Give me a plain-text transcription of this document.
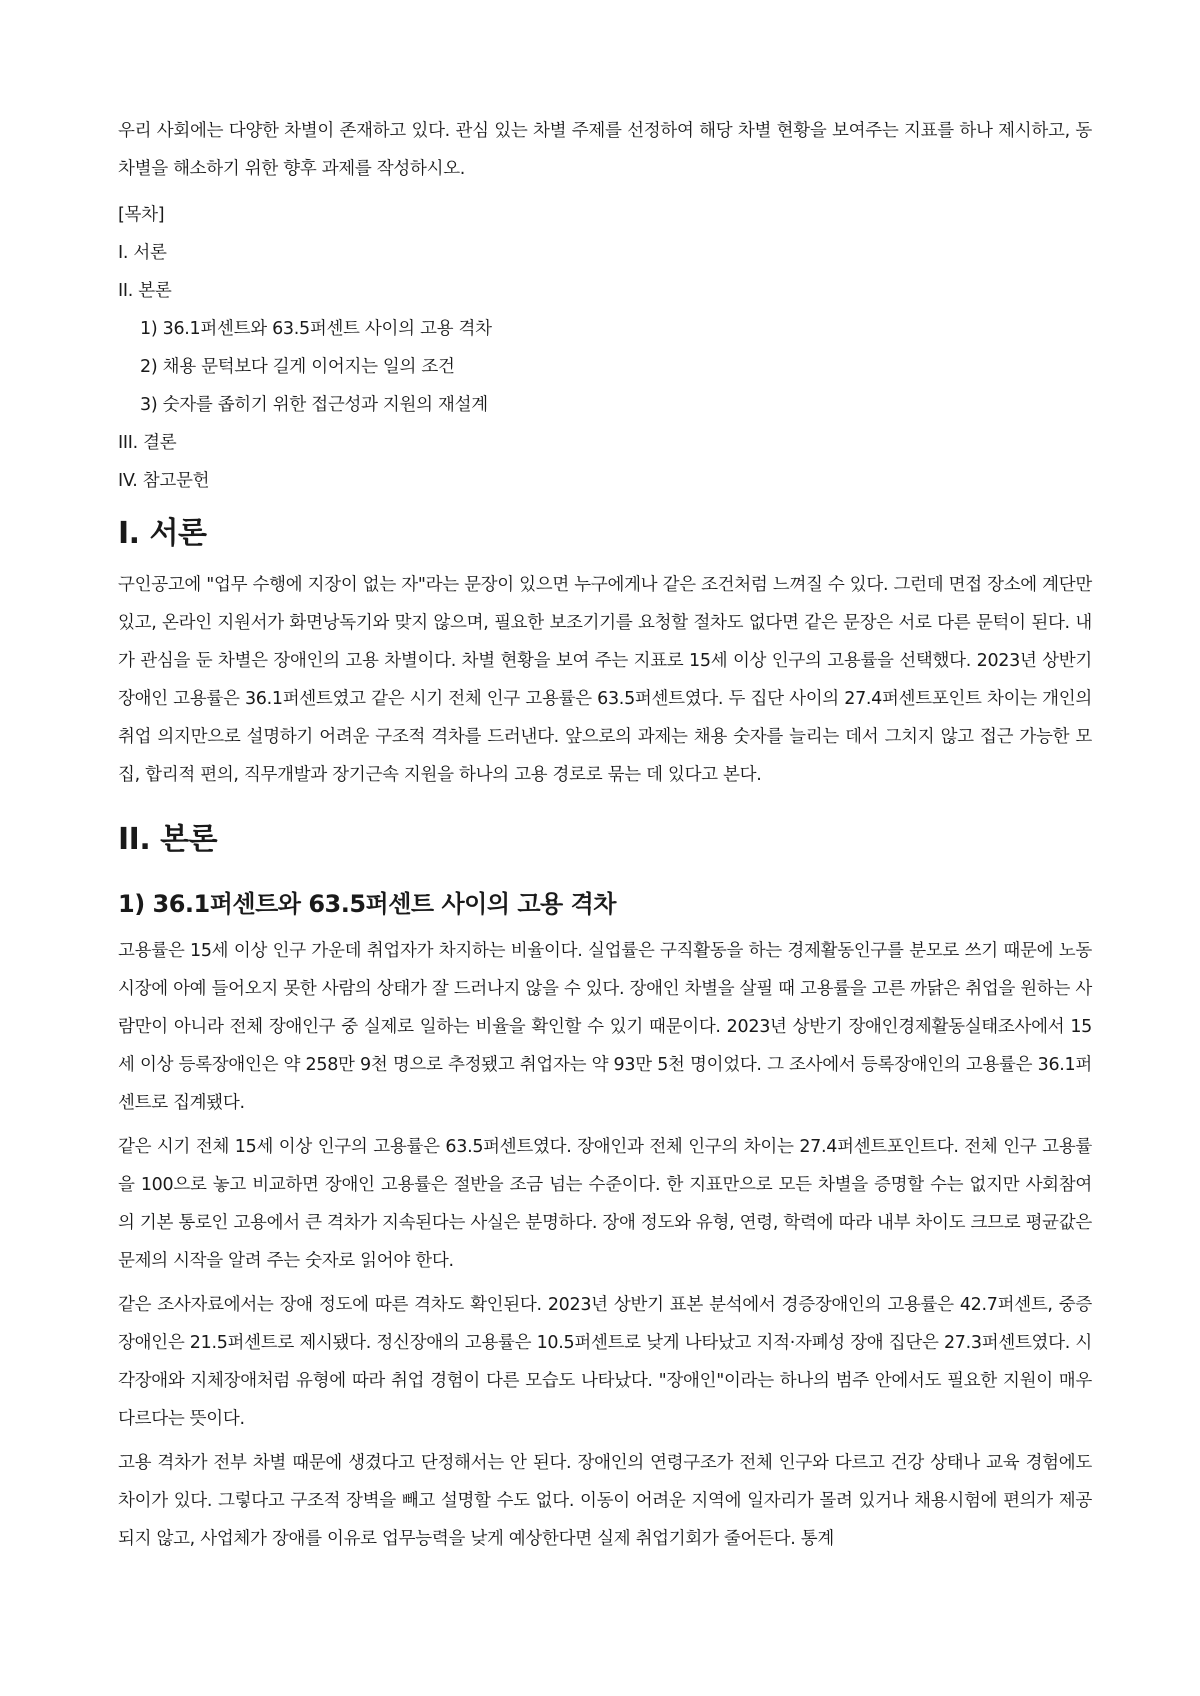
우리 사회에는 다양한 차별이 존재하고 있다. 관심 있는 차별 주제를 선정하여 해당 차별 현황을 보여주는 지표를 하나 제시하고, 동 차별을 해소하기 위한 향후 과제를 작성하시오.

[목차]

I. 서론

II. 본론

1) 36.1퍼센트와 63.5퍼센트 사이의 고용 격차

2) 채용 문턱보다 길게 이어지는 일의 조건

3) 숫자를 좁히기 위한 접근성과 지원의 재설계

III. 결론

IV. 참고문헌

I. 서론

구인공고에 "업무 수행에 지장이 없는 자"라는 문장이 있으면 누구에게나 같은 조건처럼 느껴질 수 있다. 그런데 면접 장소에 계단만 있고, 온라인 지원서가 화면낭독기와 맞지 않으며, 필요한 보조기기를 요청할 절차도 없다면 같은 문장은 서로 다른 문턱이 된다. 내가 관심을 둔 차별은 장애인의 고용 차별이다. 차별 현황을 보여 주는 지표로 15세 이상 인구의 고용률을 선택했다. 2023년 상반기 장애인 고용률은 36.1퍼센트였고 같은 시기 전체 인구 고용률은 63.5퍼센트였다. 두 집단 사이의 27.4퍼센트포인트 차이는 개인의 취업 의지만으로 설명하기 어려운 구조적 격차를 드러낸다. 앞으로의 과제는 채용 숫자를 늘리는 데서 그치지 않고 접근 가능한 모집, 합리적 편의, 직무개발과 장기근속 지원을 하나의 고용 경로로 묶는 데 있다고 본다.

II. 본론
1) 36.1퍼센트와 63.5퍼센트 사이의 고용 격차

고용률은 15세 이상 인구 가운데 취업자가 차지하는 비율이다. 실업률은 구직활동을 하는 경제활동인구를 분모로 쓰기 때문에 노동시장에 아예 들어오지 못한 사람의 상태가 잘 드러나지 않을 수 있다. 장애인 차별을 살필 때 고용률을 고른 까닭은 취업을 원하는 사람만이 아니라 전체 장애인구 중 실제로 일하는 비율을 확인할 수 있기 때문이다. 2023년 상반기 장애인경제활동실태조사에서 15세 이상 등록장애인은 약 258만 9천 명으로 추정됐고 취업자는 약 93만 5천 명이었다. 그 조사에서 등록장애인의 고용률은 36.1퍼센트로 집계됐다.

같은 시기 전체 15세 이상 인구의 고용률은 63.5퍼센트였다. 장애인과 전체 인구의 차이는 27.4퍼센트포인트다. 전체 인구 고용률을 100으로 놓고 비교하면 장애인 고용률은 절반을 조금 넘는 수준이다. 한 지표만으로 모든 차별을 증명할 수는 없지만 사회참여의 기본 통로인 고용에서 큰 격차가 지속된다는 사실은 분명하다. 장애 정도와 유형, 연령, 학력에 따라 내부 차이도 크므로 평균값은 문제의 시작을 알려 주는 숫자로 읽어야 한다.

같은 조사자료에서는 장애 정도에 따른 격차도 확인된다. 2023년 상반기 표본 분석에서 경증장애인의 고용률은 42.7퍼센트, 중증장애인은 21.5퍼센트로 제시됐다. 정신장애의 고용률은 10.5퍼센트로 낮게 나타났고 지적·자폐성 장애 집단은 27.3퍼센트였다. 시각장애와 지체장애처럼 유형에 따라 취업 경험이 다른 모습도 나타났다. "장애인"이라는 하나의 범주 안에서도 필요한 지원이 매우 다르다는 뜻이다.

고용 격차가 전부 차별 때문에 생겼다고 단정해서는 안 된다. 장애인의 연령구조가 전체 인구와 다르고 건강 상태나 교육 경험에도 차이가 있다. 그렇다고 구조적 장벽을 빼고 설명할 수도 없다. 이동이 어려운 지역에 일자리가 몰려 있거나 채용시험에 편의가 제공되지 않고, 사업체가 장애를 이유로 업무능력을 낮게 예상한다면 실제 취업기회가 줄어든다. 통계
